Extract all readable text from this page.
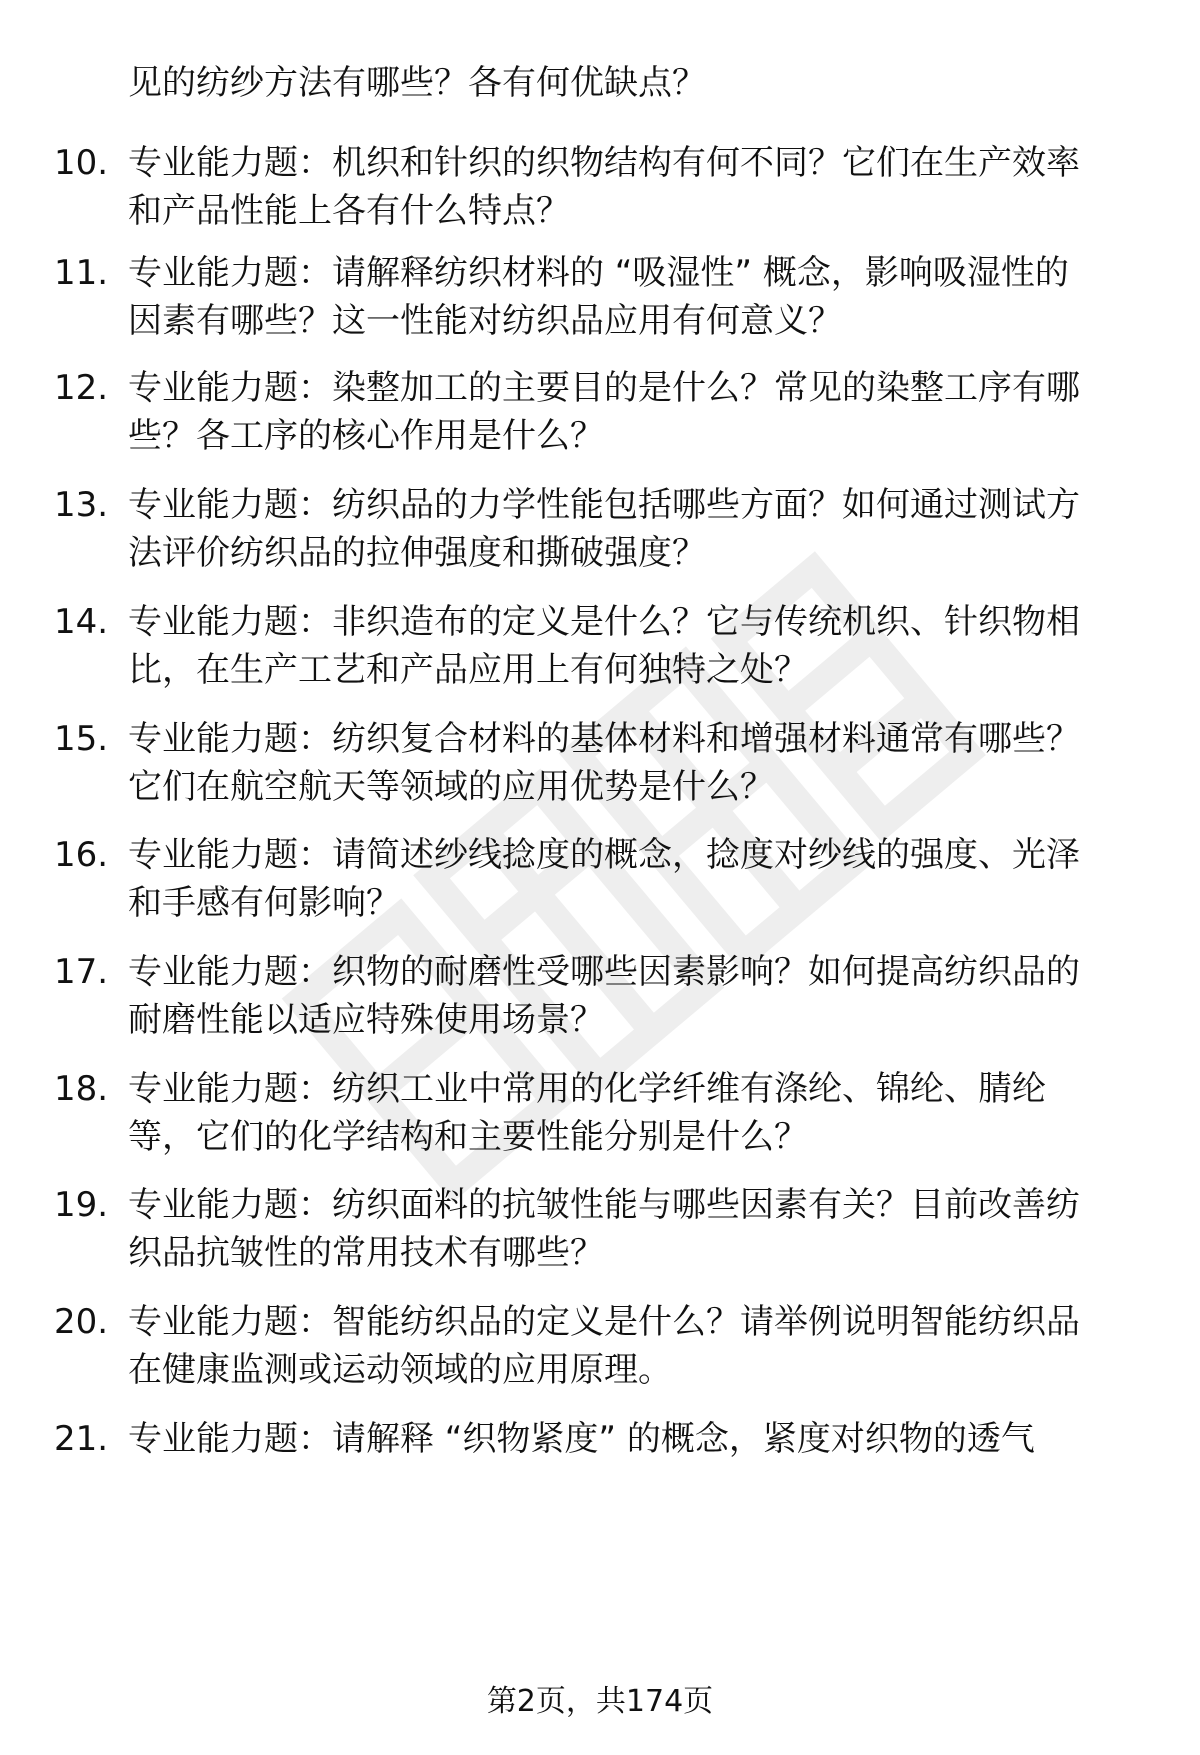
见的纺纱方法有哪些？各有何优缺点？
10. 专业能力题：机织和针织的织物结构有何不同？它们在生产效率
和产品性能上各有什么特点？
11. 专业能力题：请解释纺织材料的 “吸湿性” 概念，影响吸湿性的
因素有哪些？这一性能对纺织品应用有何意义？
12. 专业能力题：染整加工的主要目的是什么？常见的染整工序有哪
些？各工序的核心作用是什么？
13. 专业能力题：纺织品的力学性能包括哪些方面？如何通过测试方
法评价纺织品的拉伸强度和撕破强度？
14. 专业能力题：非织造布的定义是什么？它与传统机织、针织物相
比，在生产工艺和产品应用上有何独特之处？
15. 专业能力题：纺织复合材料的基体材料和增强材料通常有哪些？
它们在航空航天等领域的应用优势是什么？
16. 专业能力题：请简述纱线捻度的概念，捻度对纱线的强度、光泽
和手感有何影响？
17. 专业能力题：织物的耐磨性受哪些因素影响？如何提高纺织品的
耐磨性能以适应特殊使用场景？
18. 专业能力题：纺织工业中常用的化学纤维有涤纶、锦纶、腈纶
等，它们的化学结构和主要性能分别是什么？
19. 专业能力题：纺织面料的抗皱性能与哪些因素有关？目前改善纺
织品抗皱性的常用技术有哪些？
20. 专业能力题：智能纺织品的定义是什么？请举例说明智能纺织品
在健康监测或运动领域的应用原理。
21. 专业能力题：请解释 “织物紧度” 的概念，紧度对织物的透气
第2页，共174页
